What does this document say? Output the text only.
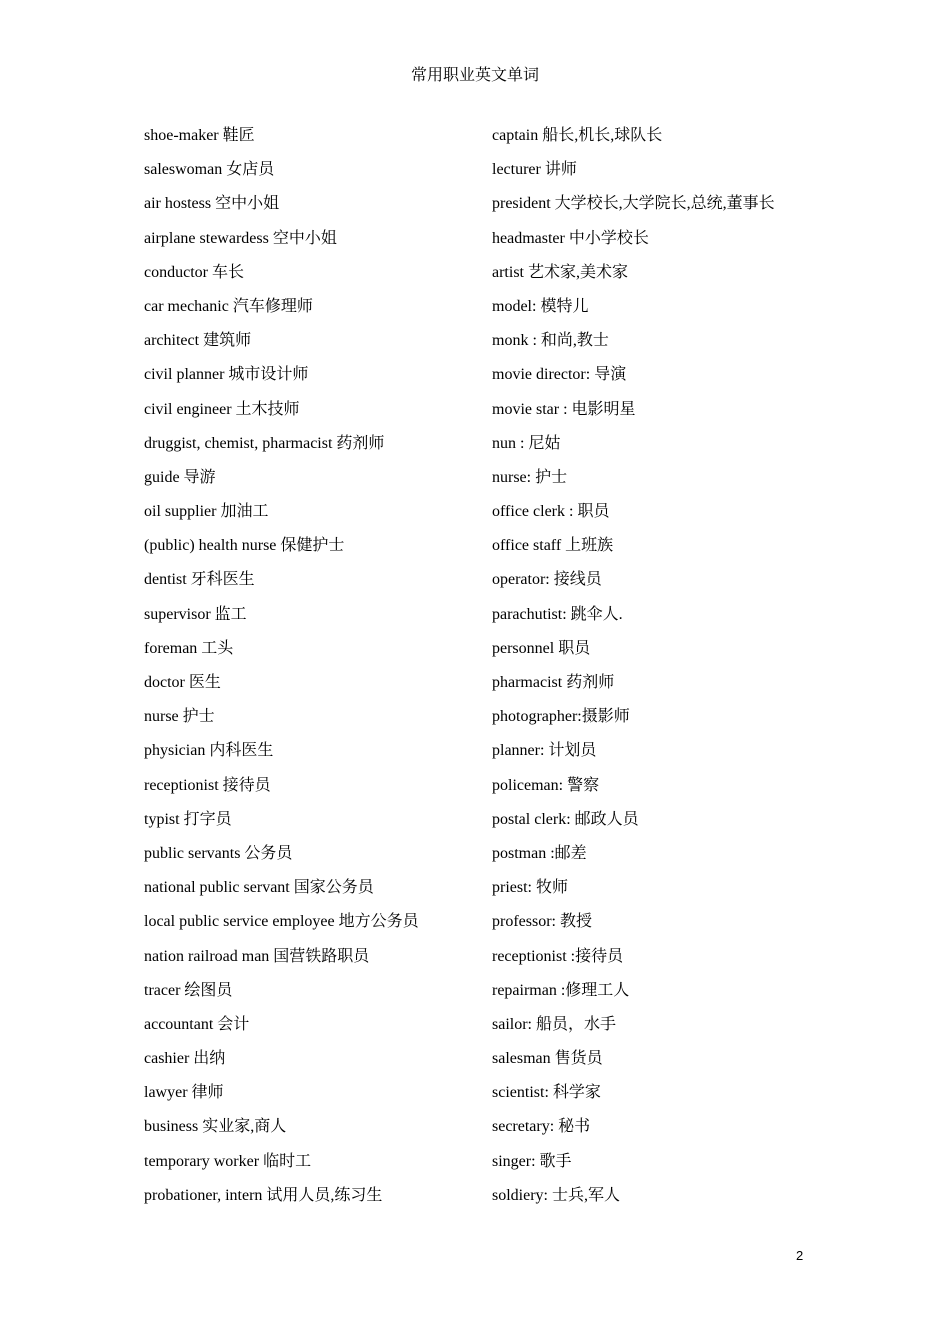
常用职业英文单词
shoe-maker 鞋匠
saleswoman 女店员
air hostess 空中小姐
airplane stewardess 空中小姐
conductor 车长
car mechanic 汽车修理师
architect 建筑师
civil planner 城市设计师
civil engineer 土木技师
druggist, chemist, pharmacist 药剂师
guide 导游
oil supplier 加油工
(public) health nurse 保健护士
dentist 牙科医生
supervisor 监工
foreman 工头
doctor 医生
nurse 护士
physician 内科医生
receptionist 接待员
typist 打字员
public servants 公务员
national public servant 国家公务员
local public service employee 地方公务员
nation railroad man 国营铁路职员
tracer 绘图员
accountant 会计
cashier 出纳
lawyer 律师
business 实业家,商人
temporary worker 临时工
probationer, intern 试用人员,练习生
captain 船长,机长,球队长
lecturer 讲师
president 大学校长,大学院长,总统,董事长
headmaster 中小学校长
artist 艺术家,美术家
model: 模特儿
monk : 和尚,教士
movie director: 导演
movie star : 电影明星
nun : 尼姑
nurse: 护士
office clerk : 职员
office staff 上班族
operator: 接线员
parachutist: 跳伞人.
personnel 职员
pharmacist 药剂师
photographer:摄影师
planner: 计划员
policeman: 警察
postal clerk: 邮政人员
postman :邮差
priest: 牧师
professor: 教授
receptionist :接待员
repairman :修理工人
sailor: 船员，水手
salesman 售货员
scientist: 科学家
secretary: 秘书
singer: 歌手
soldiery: 士兵,军人
2
